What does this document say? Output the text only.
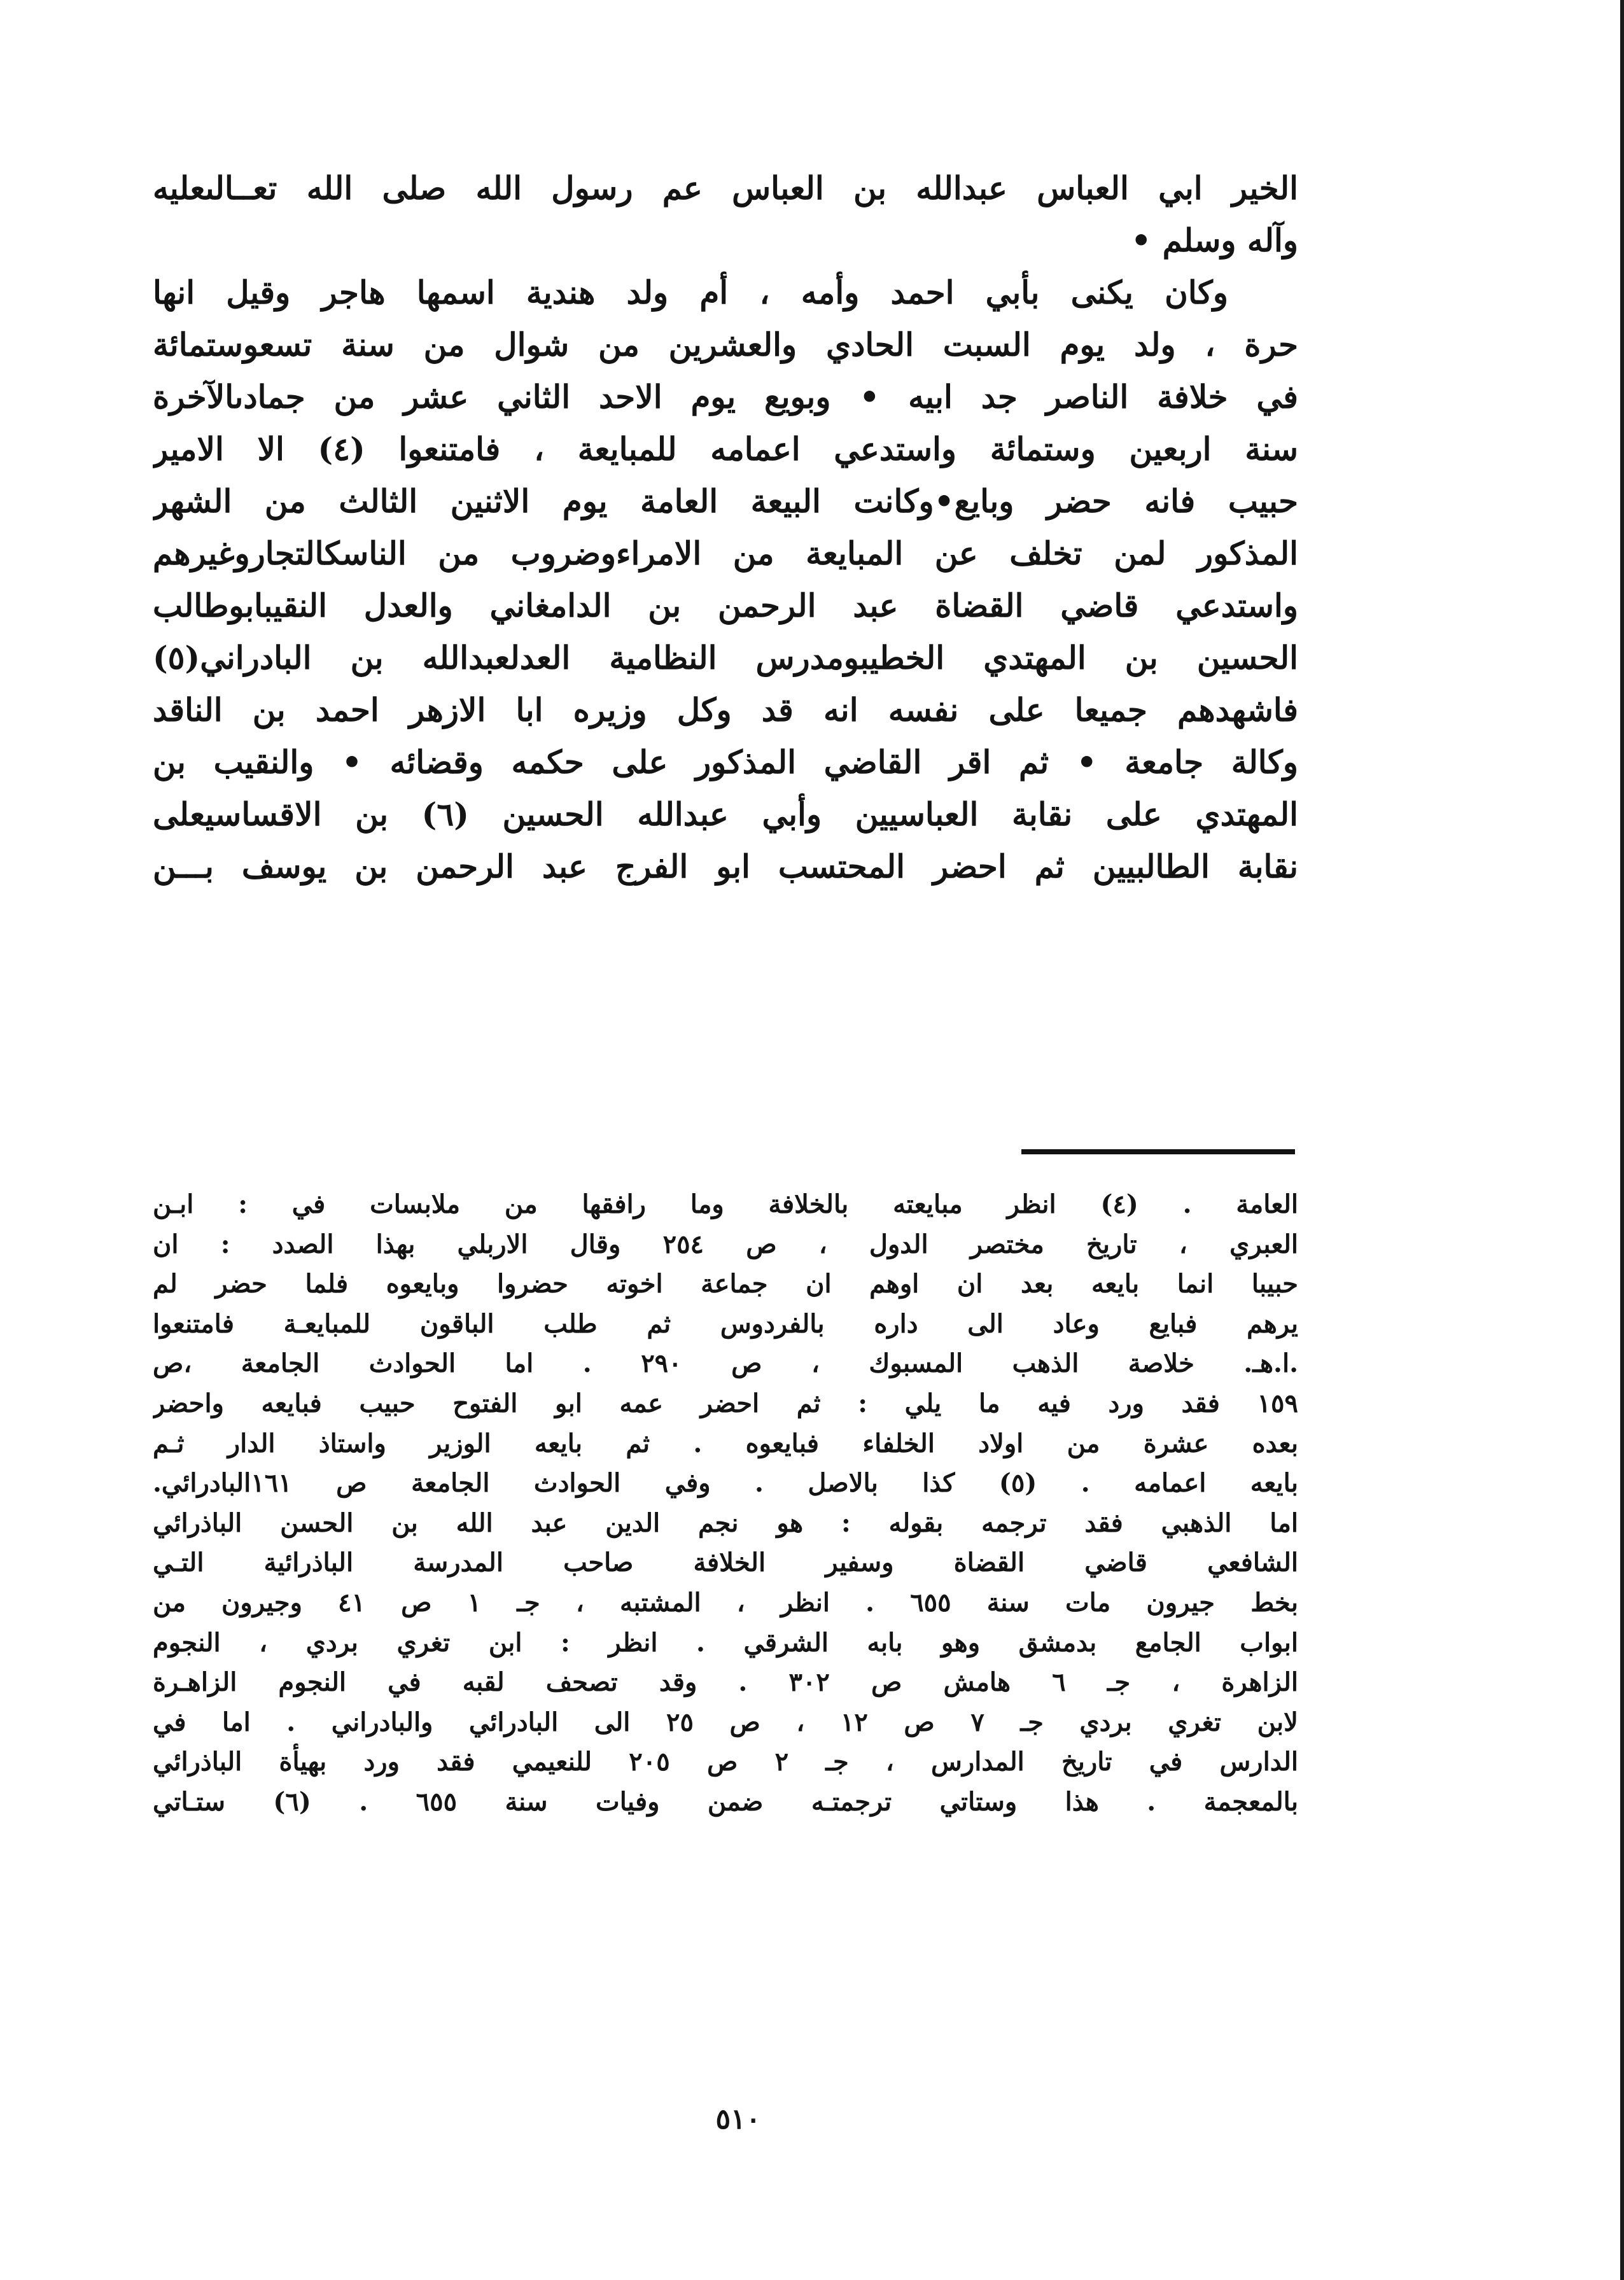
الخير ابي العباس عبدالله بن العباس عم رسول الله صلى الله تعــالىعليه
وآله وسلم •
وكان يكنى بأبي احمد وأمه ، أم ولد هندية اسمها هاجر وقيل انها
حرة ، ولد يوم السبت الحادي والعشرين من شوال من سنة تسعوستمائة
في خلافة الناصر جد ابيه • وبويع يوم الاحد الثاني عشر من جمادىالآخرة
سنة اربعين وستمائة واستدعي اعمامه للمبايعة ، فامتنعوا (٤) الا الامير
حبيب فانه حضر وبايع•وكانت البيعة العامة يوم الاثنين الثالث من الشهر
المذكور لمن تخلف عن المبايعة من الامراءوضروب من الناسكالتجاروغيرهم
واستدعي قاضي القضاة عبد الرحمن بن الدامغاني والعدل النقيبابوطالب
الحسين بن المهتدي الخطيبومدرس النظامية العدلعبدالله بن البادراني(٥)
فاشهدهم جميعا على نفسه انه قد وكل وزيره ابا الازهر احمد بن الناقد
وكالة جامعة • ثم اقر القاضي المذكور على حكمه وقضائه • والنقيب بن
المهتدي على نقابة العباسيين وأبي عبدالله الحسين (٦) بن الاقساسيعلى
نقابة الطالبيين ثم احضر المحتسب ابو الفرج عبد الرحمن بن يوسف بـــن
العامة . (٤) انظر مبايعته بالخلافة وما رافقها من ملابسات في : ابـن
العبري ، تاريخ مختصر الدول ، ص ٢٥٤ وقال الاربلي بهذا الصدد : ان
حبيبا انما بايعه بعد ان اوهم ان جماعة اخوته حضروا وبايعوه فلما حضر لم
يرهم فبايع وعاد الى داره بالفردوس ثم طلب الباقون للمبايعـة فامتنعوا
.ا.هـ. خلاصة الذهب المسبوك ، ص ٢٩٠ . اما الحوادث الجامعة ،ص
١٥٩ فقد ورد فيه ما يلي : ثم احضر عمه ابو الفتوح حبيب فبايعه واحضر
بعده عشرة من اولاد الخلفاء فبايعوه . ثم بايعه الوزير واستاذ الدار ثـم
بايعه اعمامه . (٥) كذا بالاصل . وفي الحوادث الجامعة ص ١٦١البادرائي.
اما الذهبي فقد ترجمه بقوله : هو نجم الدين عبد الله بن الحسن الباذرائي
الشافعي قاضي القضاة وسفير الخلافة صاحب المدرسة الباذرائية التـي
بخط جيرون مات سنة ٦٥٥ . انظر ، المشتبه ، جـ ١ ص ٤١ وجيرون من
ابواب الجامع بدمشق وهو بابه الشرقي . انظر : ابن تغري بردي ، النجوم
الزاهرة ، جـ ٦ هامش ص ٣٠٢ . وقد تصحف لقبه في النجوم الزاهـرة
لابن تغري بردي جـ ٧ ص ١٢ ، ص ٢٥ الى البادرائي والبادراني . اما في
الدارس في تاريخ المدارس ، جـ ٢ ص ٢٠٥ للنعيمي فقد ورد بهيأة الباذرائي
بالمعجمة . هذا وستاتي ترجمتـه ضمن وفيات سنة ٦٥٥ . (٦) ستـاتي
٥١٠
